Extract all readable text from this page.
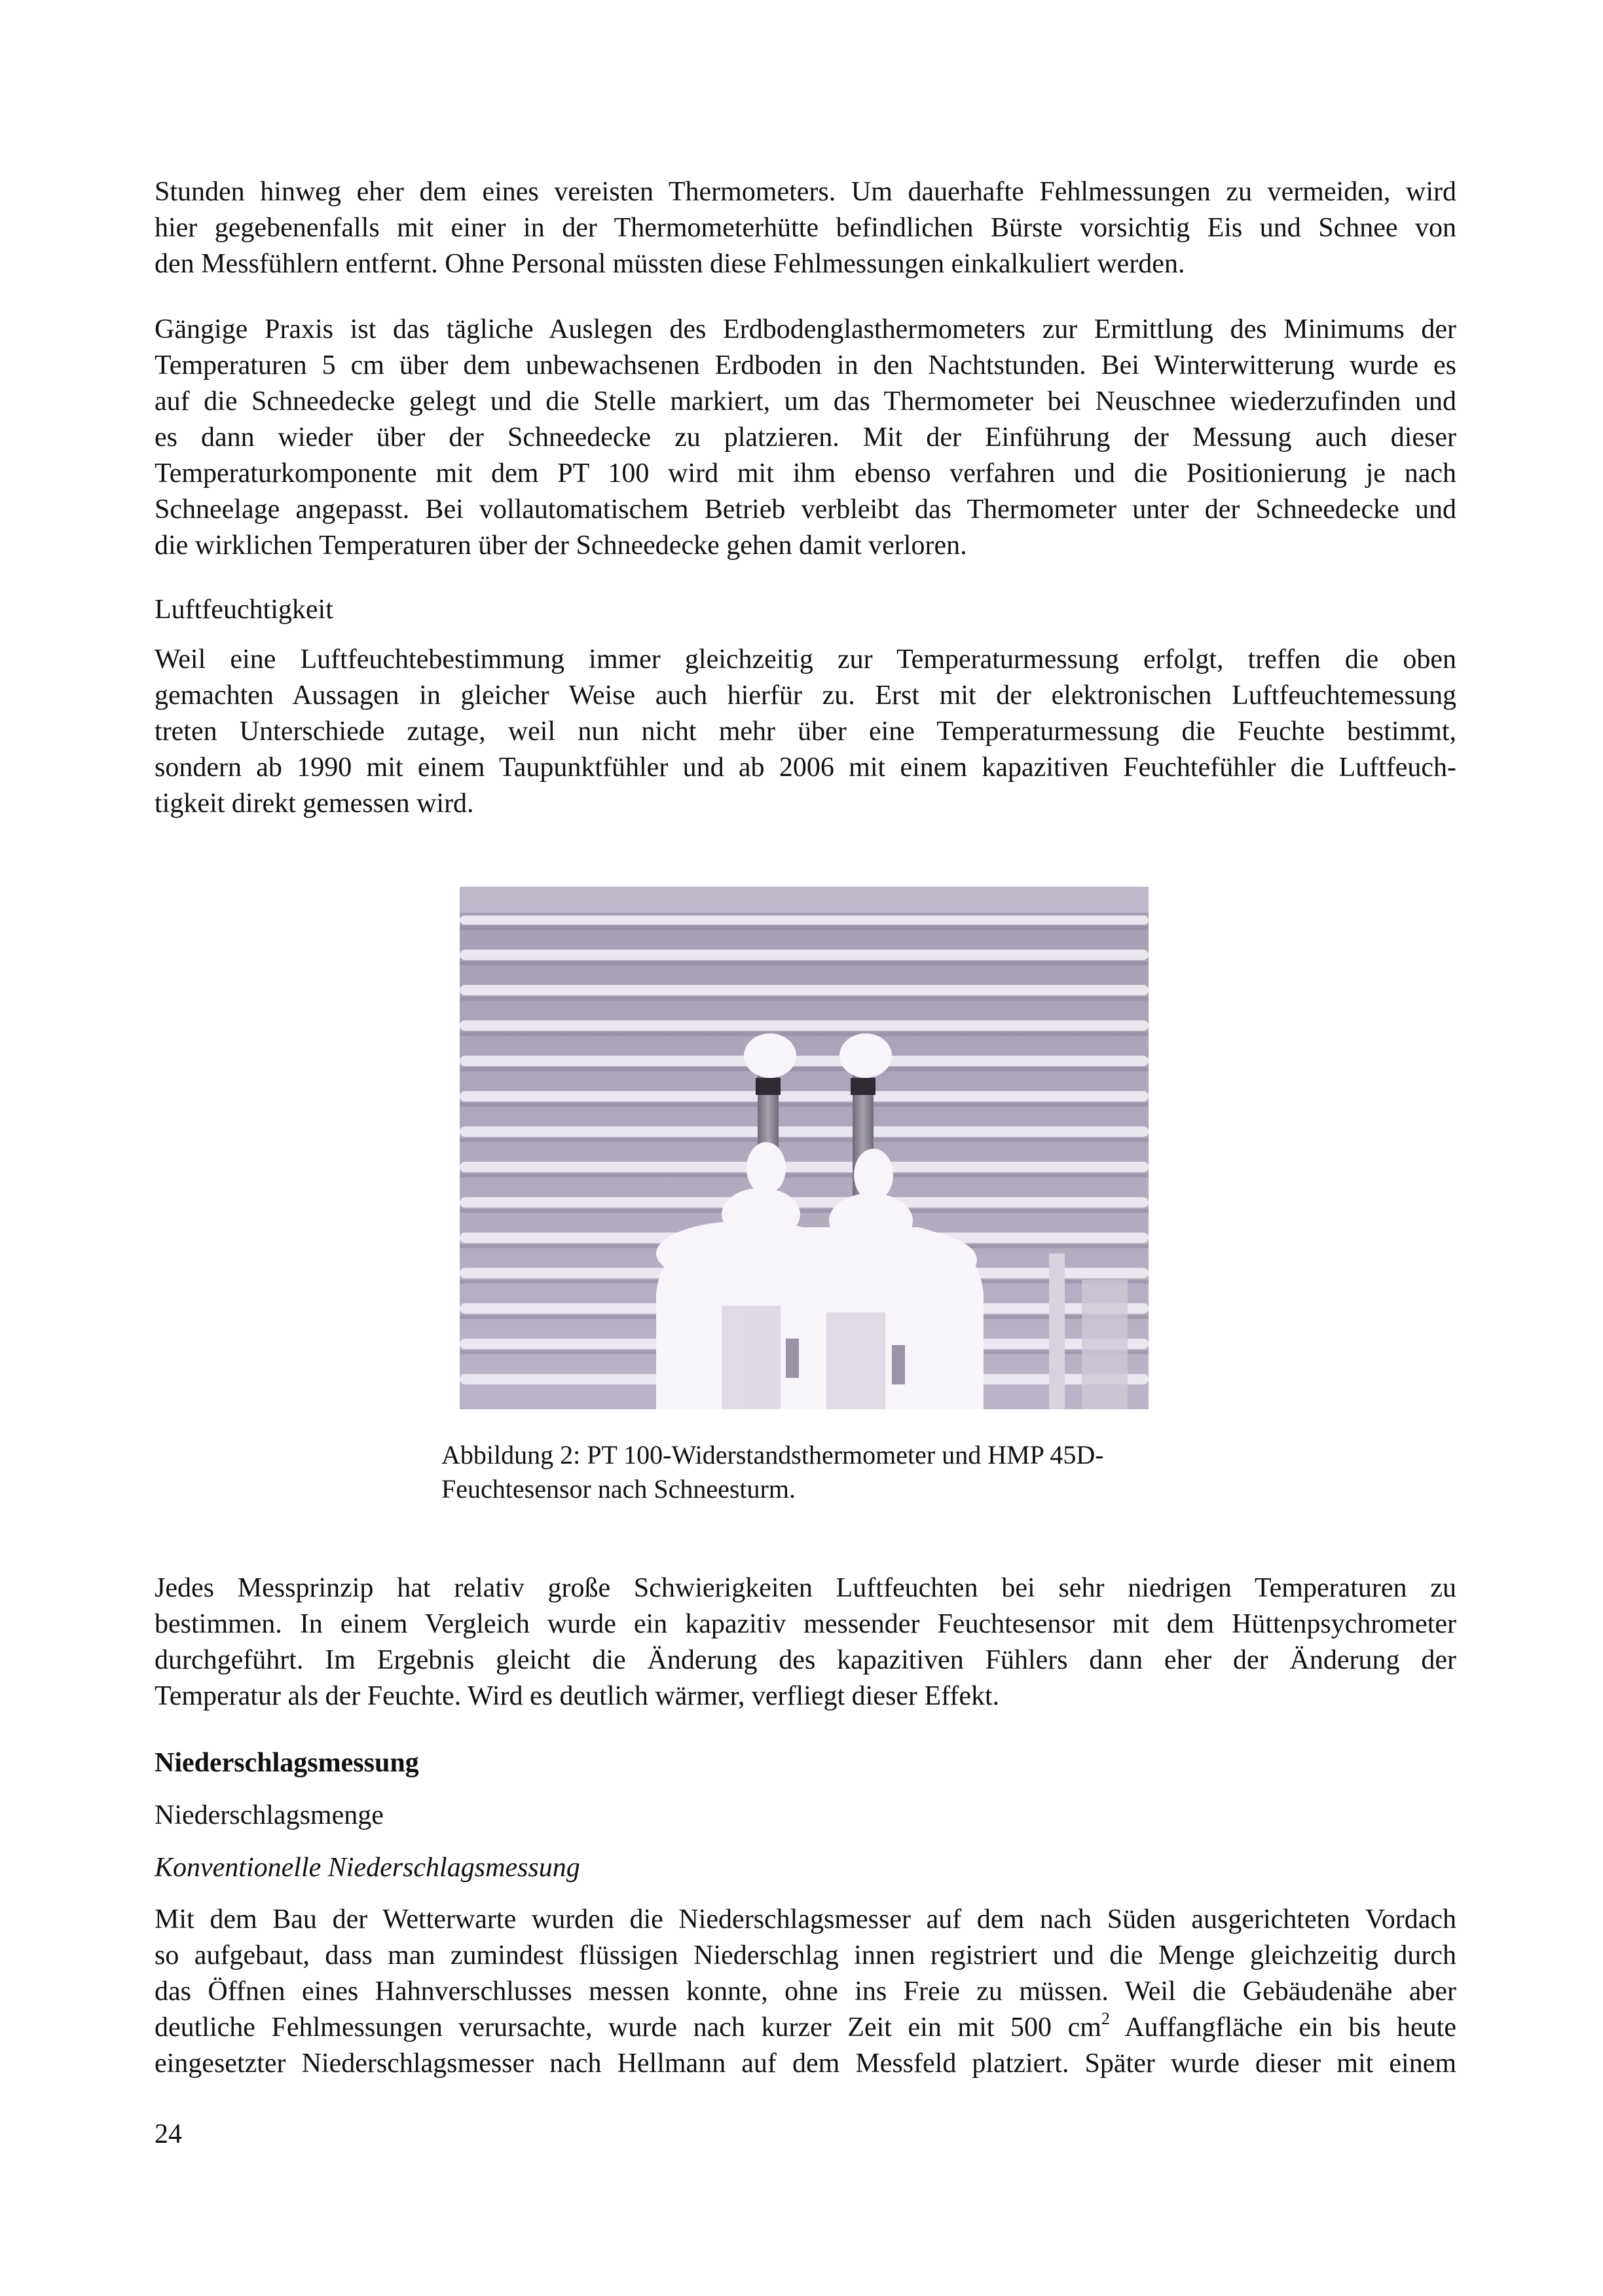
Stunden hinweg eher dem eines vereisten Thermometers. Um dauerhafte Fehlmessungen zu vermeiden, wird
hier gegebenenfalls mit einer in der Thermometerhütte befindlichen Bürste vorsichtig Eis und Schnee von
den Messfühlern entfernt. Ohne Personal müssten diese Fehlmessungen einkalkuliert werden.
Gängige Praxis ist das tägliche Auslegen des Erdbodenglasthermometers zur Ermittlung des Minimums der
Temperaturen 5 cm über dem unbewachsenen Erdboden in den Nachtstunden. Bei Winterwitterung wurde es
auf die Schneedecke gelegt und die Stelle markiert, um das Thermometer bei Neuschnee wiederzufinden und
es dann wieder über der Schneedecke zu platzieren. Mit der Einführung der Messung auch dieser
Temperaturkomponente mit dem PT 100 wird mit ihm ebenso verfahren und die Positionierung je nach
Schneelage angepasst. Bei vollautomatischem Betrieb verbleibt das Thermometer unter der Schneedecke und
die wirklichen Temperaturen über der Schneedecke gehen damit verloren.
Luftfeuchtigkeit
Weil eine Luftfeuchtebestimmung immer gleichzeitig zur Temperaturmessung erfolgt, treffen die oben
gemachten Aussagen in gleicher Weise auch hierfür zu. Erst mit der elektronischen Luftfeuchtemessung
treten Unterschiede zutage, weil nun nicht mehr über eine Temperaturmessung die Feuchte bestimmt,
sondern ab 1990 mit einem Taupunktfühler und ab 2006 mit einem kapazitiven Feuchtefühler die Luftfeuch-
tigkeit direkt gemessen wird.
Abbildung 2: PT 100-Widerstandsthermometer und HMP 45D-
Feuchtesensor nach Schneesturm.
Jedes Messprinzip hat relativ große Schwierigkeiten Luftfeuchten bei sehr niedrigen Temperaturen zu
bestimmen. In einem Vergleich wurde ein kapazitiv messender Feuchtesensor mit dem Hüttenpsychrometer
durchgeführt. Im Ergebnis gleicht die Änderung des kapazitiven Fühlers dann eher der Änderung der
Temperatur als der Feuchte. Wird es deutlich wärmer, verfliegt dieser Effekt.
Niederschlagsmessung
Niederschlagsmenge
Konventionelle Niederschlagsmessung
Mit dem Bau der Wetterwarte wurden die Niederschlagsmesser auf dem nach Süden ausgerichteten Vordach
so aufgebaut, dass man zumindest flüssigen Niederschlag innen registriert und die Menge gleichzeitig durch
das Öffnen eines Hahnverschlusses messen konnte, ohne ins Freie zu müssen. Weil die Gebäudenähe aber
deutliche Fehlmessungen verursachte, wurde nach kurzer Zeit ein mit 500 $cm^2$ Auffangfläche ein bis heute
eingesetzter Niederschlagsmesser nach Hellmann auf dem Messfeld platziert. Später wurde dieser mit einem
24
